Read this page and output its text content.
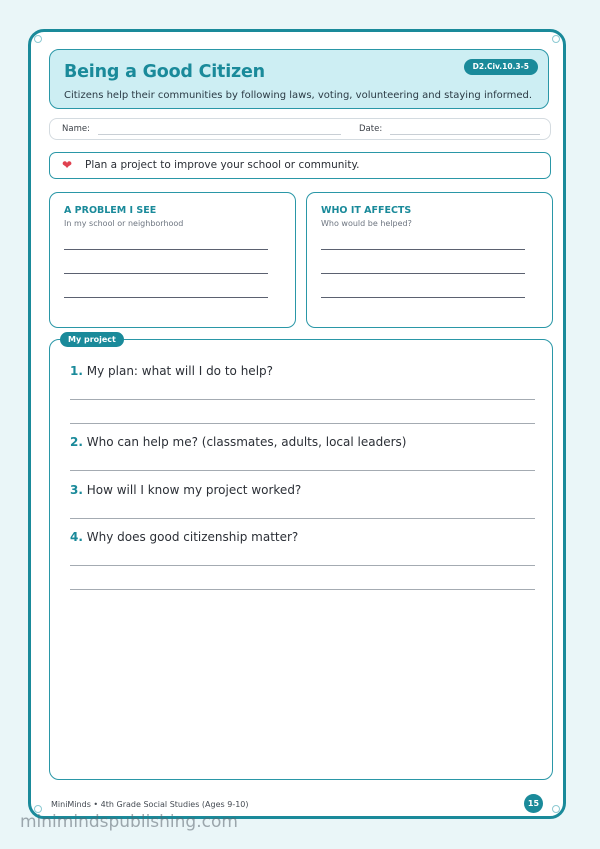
Being a Good Citizen	D2.Civ.10.3-5
Citizens help their communities by following laws, voting, volunteering and staying informed.
Name:	Date:
❤ Plan a project to improve your school or community.
A PROBLEM I SEE
In my school or neighborhood
WHO IT AFFECTS
Who would be helped?
1. My plan: what will I do to help?
2. Who can help me? (classmates, adults, local leaders)
3. How will I know my project worked?
4. Why does good citizenship matter?
My project
MiniMinds • 4th Grade Social Studies (Ages 9-10)	15
minimindspublishing.com
